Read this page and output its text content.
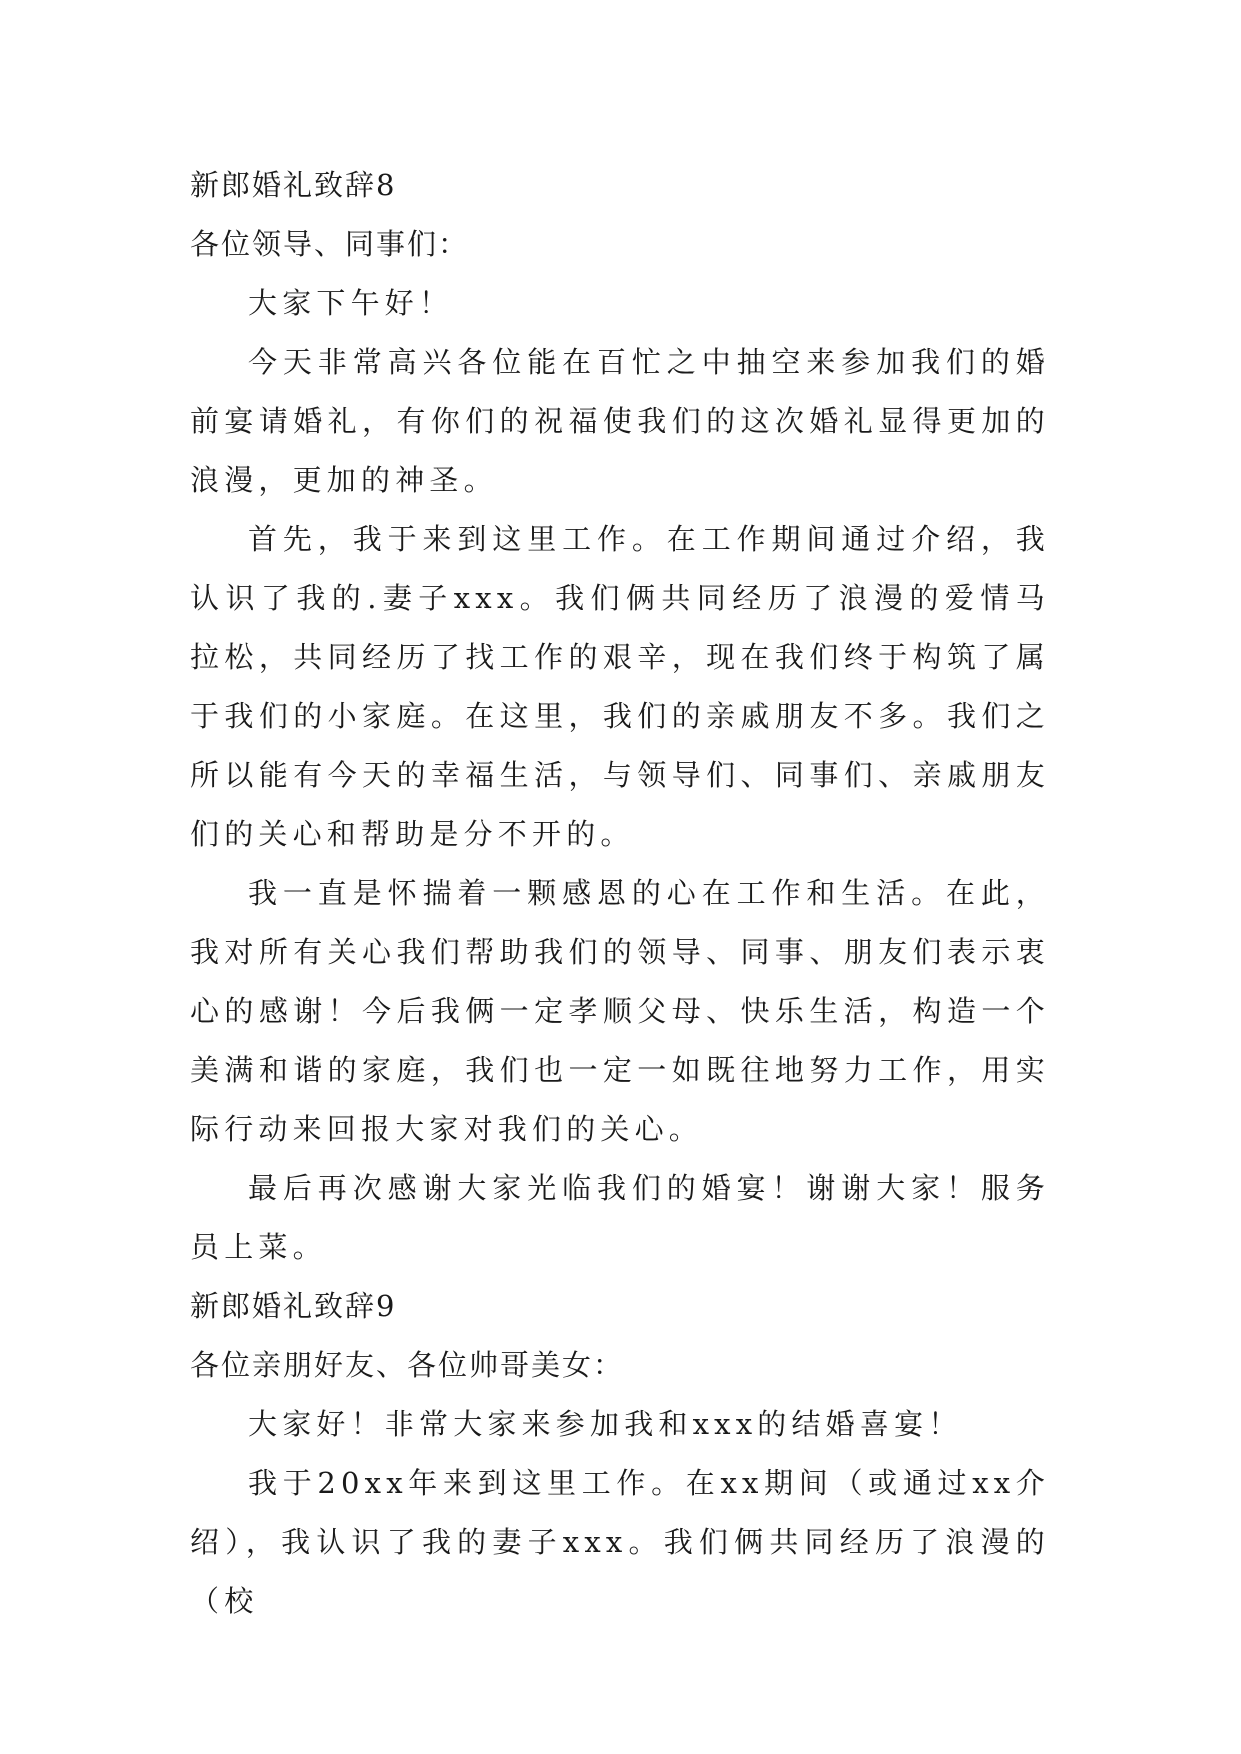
新郎婚礼致辞8
各位领导、同事们：

大家下午好！

今天非常高兴各位能在百忙之中抽空来参加我们的婚前宴请婚礼，有你们的祝福使我们的这次婚礼显得更加的浪漫，更加的神圣。

首先，我于来到这里工作。在工作期间通过介绍，我认识了我的.妻子xxx。我们俩共同经历了浪漫的爱情马拉松，共同经历了找工作的艰辛，现在我们终于构筑了属于我们的小家庭。在这里，我们的亲戚朋友不多。我们之所以能有今天的幸福生活，与领导们、同事们、亲戚朋友们的关心和帮助是分不开的。

我一直是怀揣着一颗感恩的心在工作和生活。在此，我对所有关心我们帮助我们的领导、同事、朋友们表示衷心的感谢！今后我俩一定孝顺父母、快乐生活，构造一个美满和谐的家庭，我们也一定一如既往地努力工作，用实际行动来回报大家对我们的关心。

最后再次感谢大家光临我们的婚宴！谢谢大家！服务员上菜。

新郎婚礼致辞9
各位亲朋好友、各位帅哥美女：

大家好！非常大家来参加我和xxx的结婚喜宴！

我于20xx年来到这里工作。在xx期间（或通过xx介绍），我认识了我的妻子xxx。我们俩共同经历了浪漫的（校
